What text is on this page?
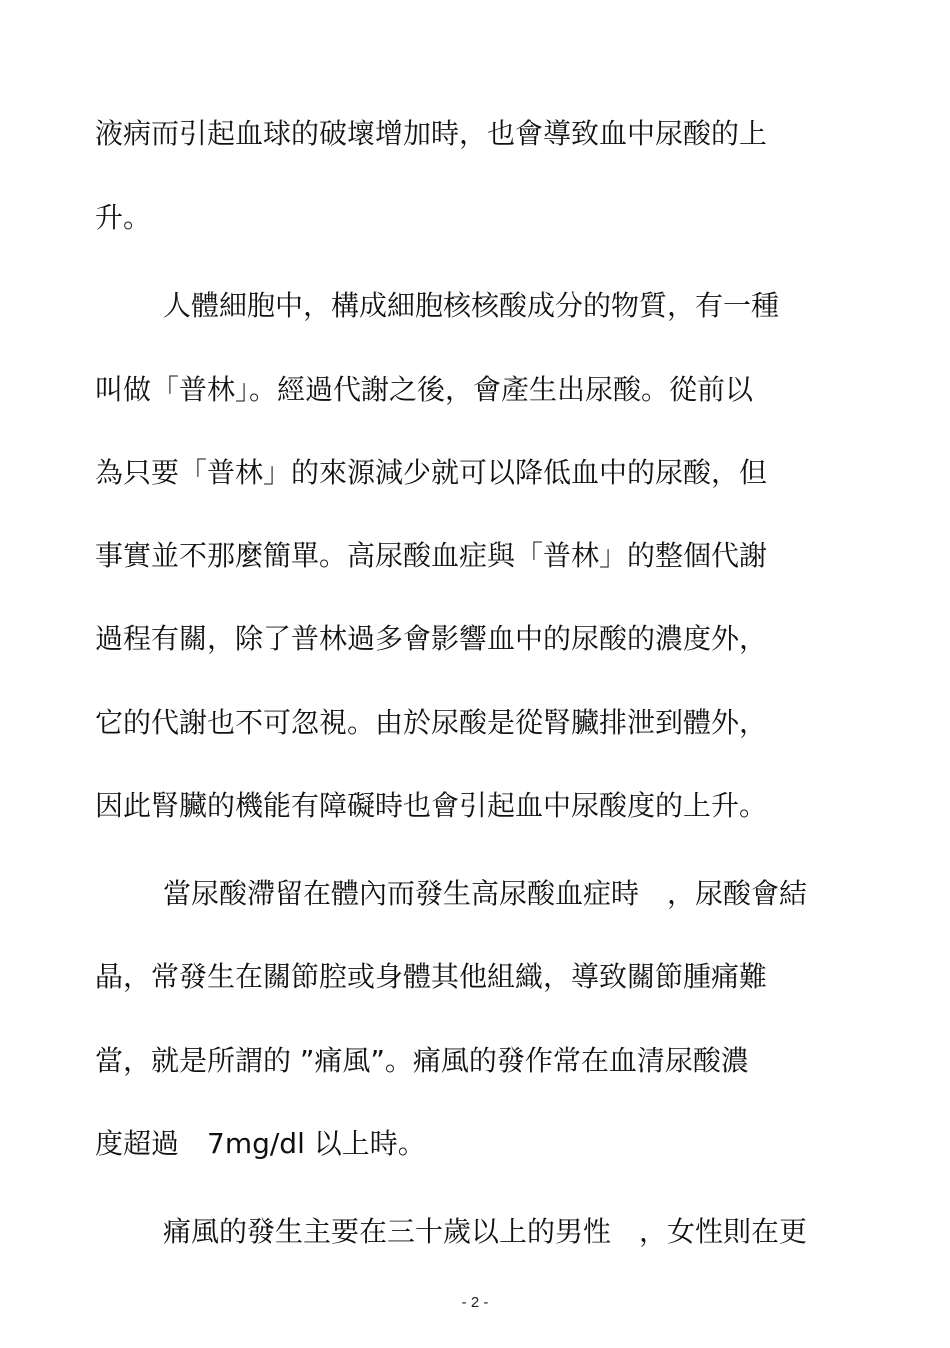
液病而引起血球的破壞增加時，也會導致血中尿酸的上
升。
人體細胞中，構成細胞核核酸成分的物質，有一種
叫做「普林」。經過代謝之後，會產生出尿酸。從前以
為只要「普林」的來源減少就可以降低血中的尿酸，但
事實並不那麼簡單。高尿酸血症與「普林」的整個代謝
過程有關，除了普林過多會影響血中的尿酸的濃度外，
它的代謝也不可忽視。由於尿酸是從腎臟排泄到體外，
因此腎臟的機能有障礙時也會引起血中尿酸度的上升。
當尿酸滯留在體內而發生高尿酸血症時　，尿酸會結
晶，常發生在關節腔或身體其他組織，導致關節腫痛難
當，就是所謂的 ”痛風”。痛風的發作常在血清尿酸濃
度超過　7mg/dl 以上時。
痛風的發生主要在三十歲以上的男性　，女性則在更
- 2 -
